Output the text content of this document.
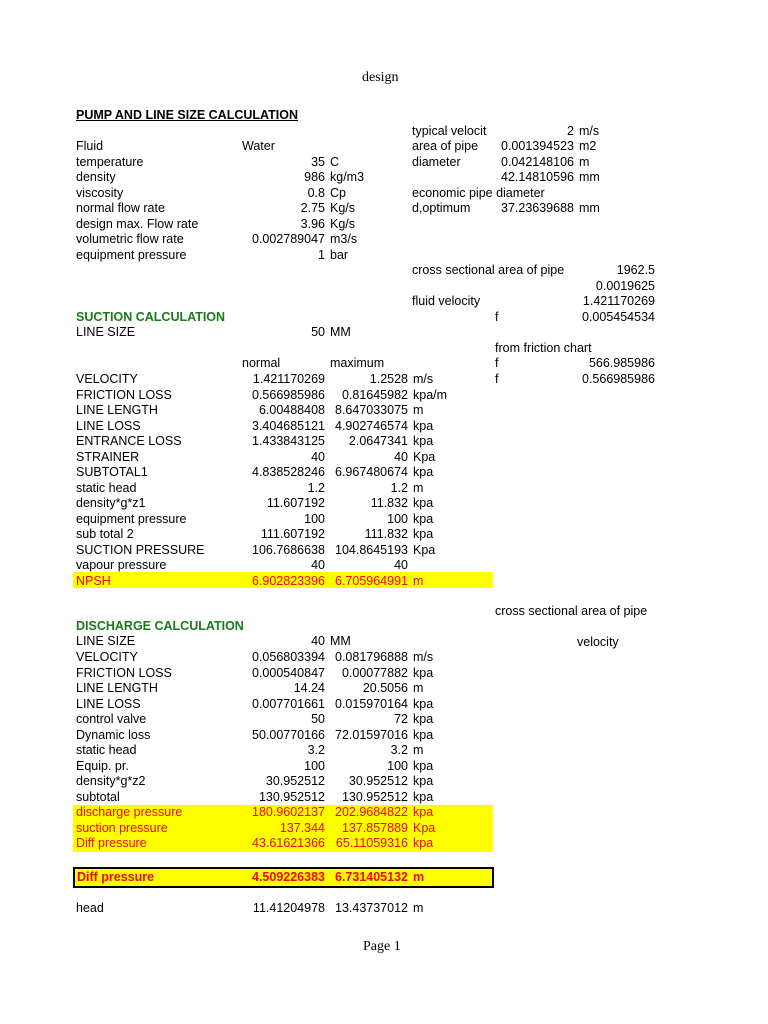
design
Page 1
PUMP AND LINE SIZE CALCULATION
Fluid	Water
temperature	35 C
density	986 kg/m3
viscosity	0.8 Cp
normal flow rate	2.75 Kg/s
design max. Flow rate	3.96 Kg/s
volumetric flow rate	0.002789047 m3/s
equipment pressure	1 bar
typical velocit	2 m/s
area of pipe	0.001394523 m2
diameter	0.042148106 m
42.14810596 mm
economic pipe diameter
d,optimum	37.23639688 mm
cross sectional area of pipe	1962.5
0.0019625
fluid velocity	1.421170269
f	0.005454534
from friction chart
f	566.985986
f	0.566985986
cross sectional area of pipe
velocity
SUCTION CALCULATION
LINE SIZE	50 MM
normal	maximum
VELOCITY	1.421170269	1.2528 m/s
FRICTION LOSS	0.566985986	0.81645982 kpa/m
LINE LENGTH	6.00488408 8.647033075 m
LINE LOSS	3.404685121 4.902746574 kpa
ENTRANCE LOSS	1.433843125	2.0647341 kpa
STRAINER	40	40 Kpa
SUBTOTAL1	4.838528246 6.967480674 kpa
static head	1.2	1.2 m
density*g*z1	11.607192	11.832 kpa
equipment pressure	100	100 kpa
sub total 2	111.607192	111.832 kpa
SUCTION PRESSURE	106.7686638 104.8645193 Kpa
vapour pressure	40	40
NPSH	6.902823396 6.705964991 m
DISCHARGE CALCULATION
LINE SIZE	40 MM
VELOCITY	0.056803394 0.081796888 m/s
FRICTION LOSS	0.000540847	0.00077882 kpa
LINE LENGTH	14.24	20.5056 m
LINE LOSS	0.007701661 0.015970164 kpa
control valve	50	72 kpa
Dynamic loss	50.00770166 72.01597016 kpa
static head	3.2	3.2 m
Equip. pr.	100	100 kpa
density*g*z2	30.952512	30.952512 kpa
subtotal	130.952512	130.952512 kpa
discharge pressure	180.9602137 202.9684822 kpa
suction pressure	137.344	137.857889 Kpa
Diff pressure	43.61621366 65.11059316 kpa
Diff pressure	4.509226383 6.731405132 m
head	11.41204978 13.43737012 m
